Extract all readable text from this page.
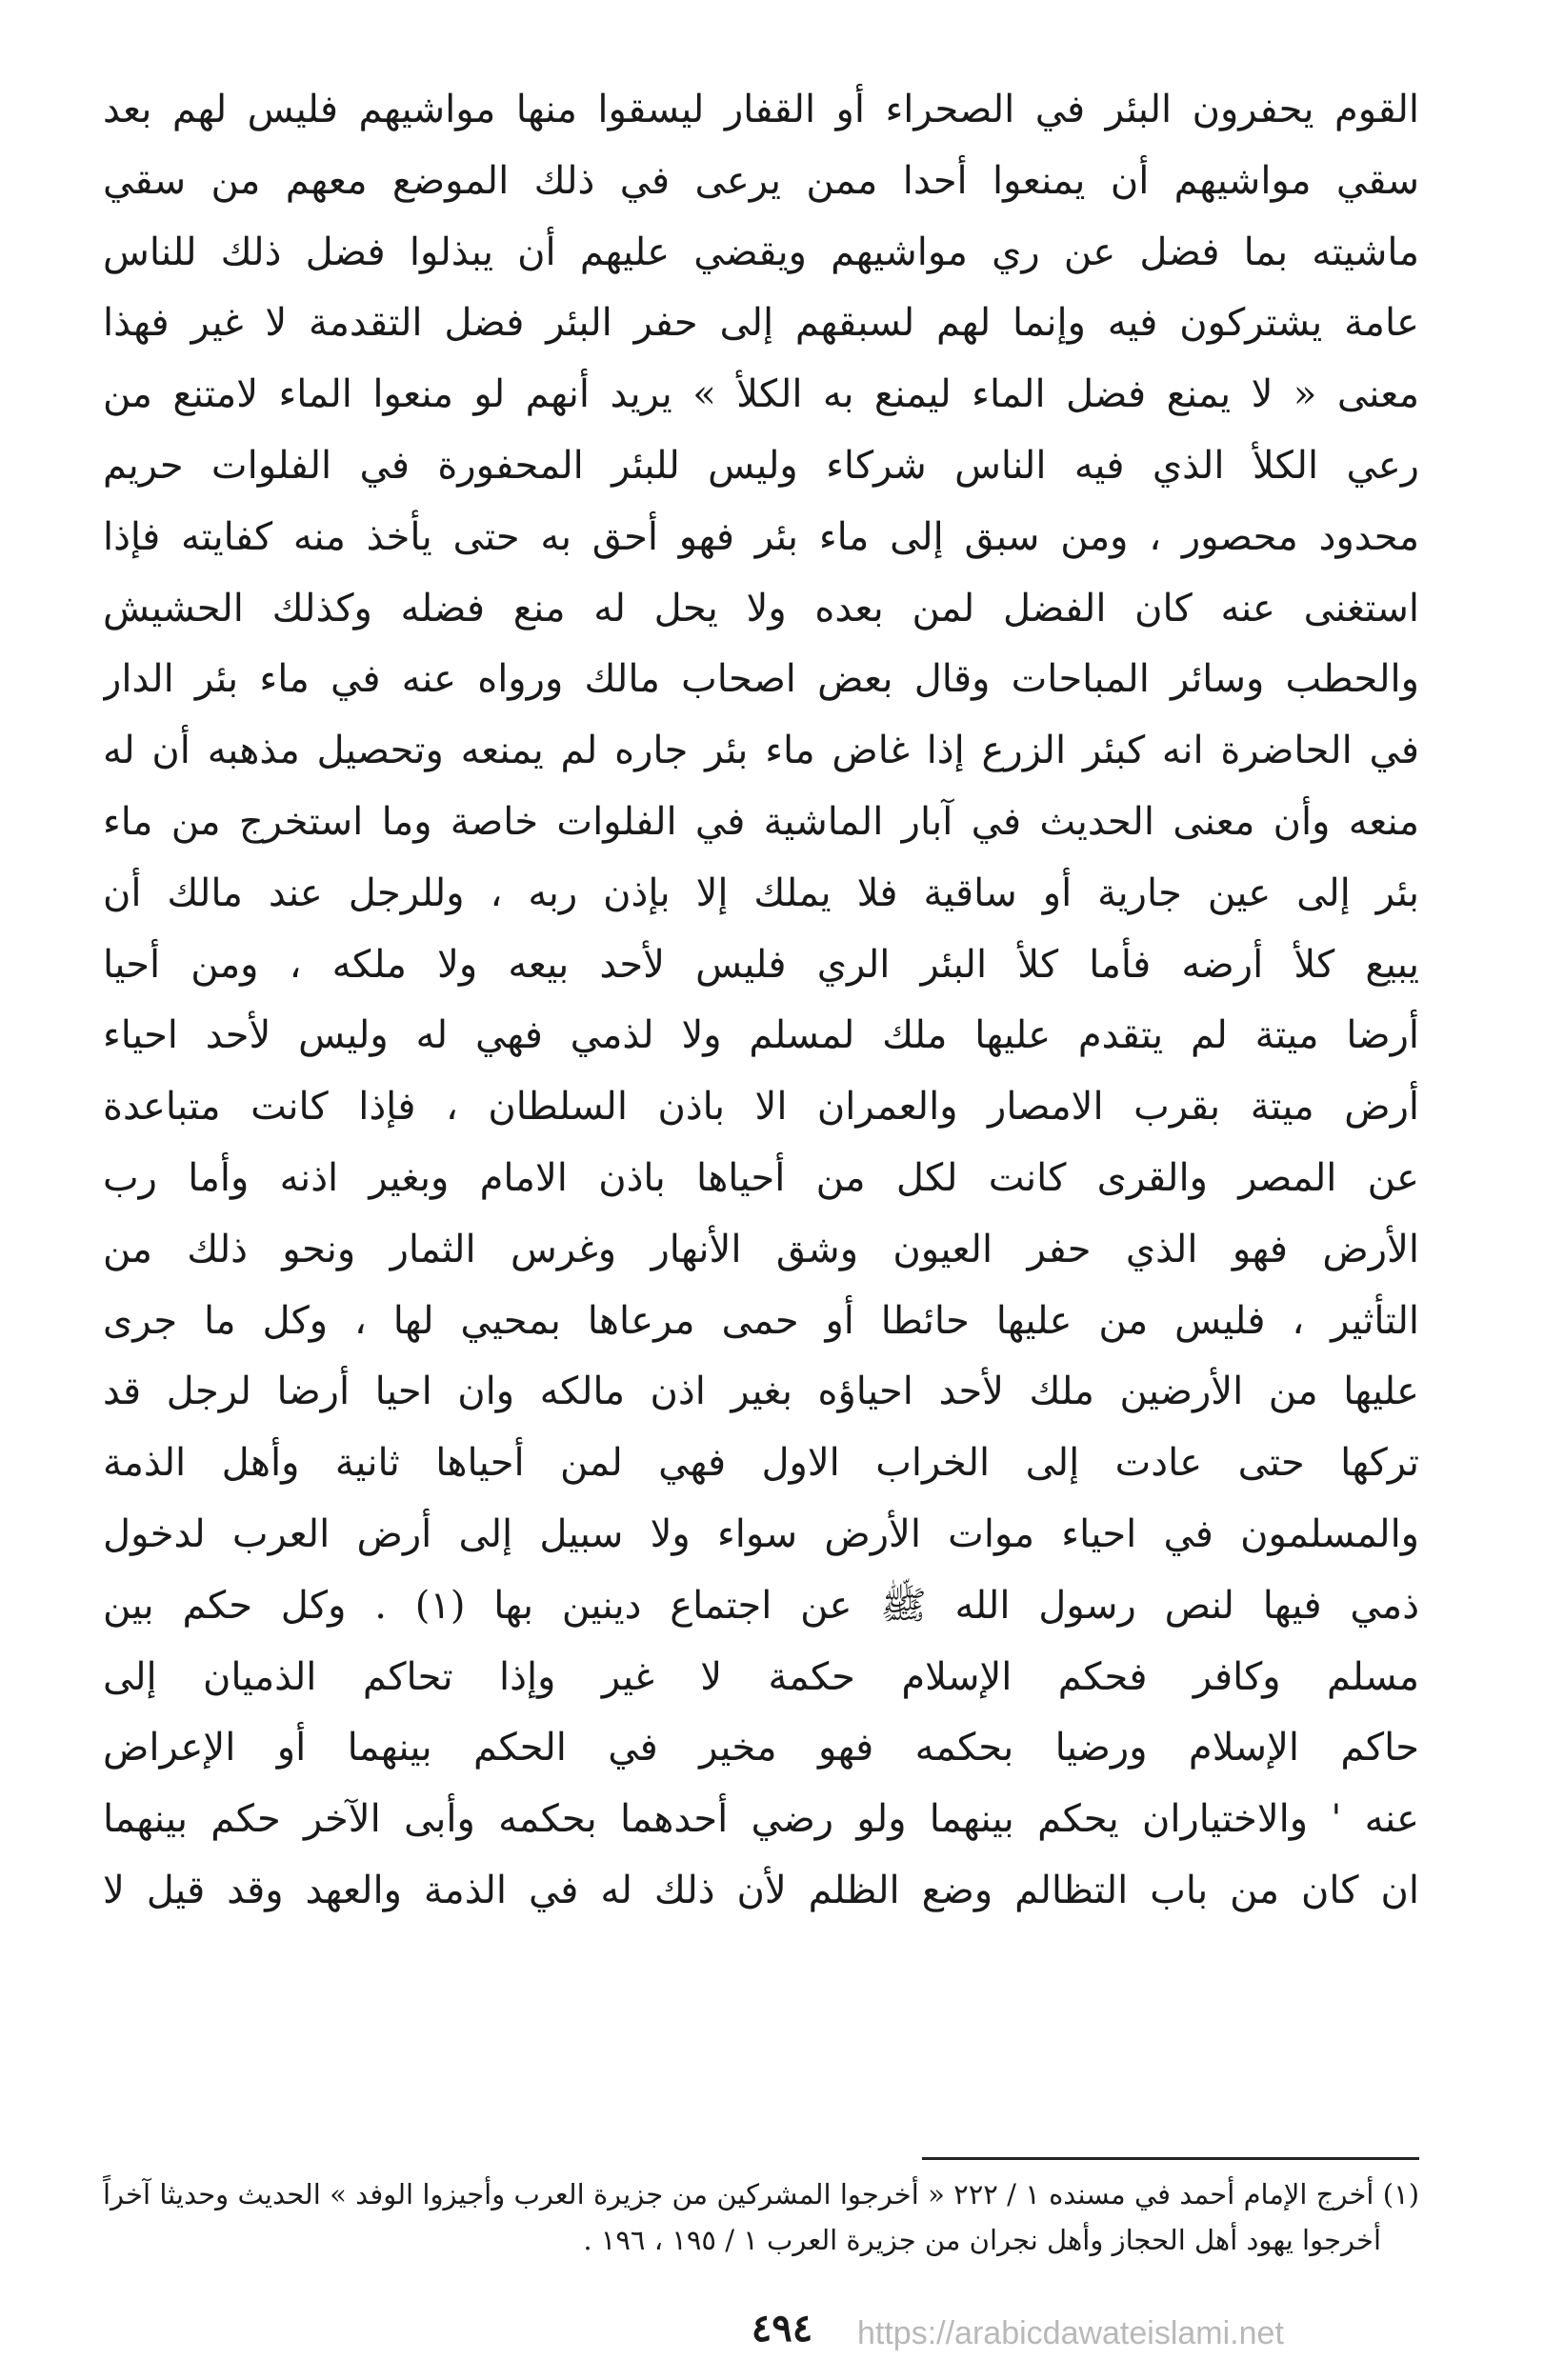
القوم يحفرون البئر في الصحراء أو القفار ليسقوا منها مواشيهم فليس لهم بعد
سقي مواشيهم أن يمنعوا أحدا ممن يرعى في ذلك الموضع معهم من سقي
ماشيته بما فضل عن ري مواشيهم ويقضي عليهم أن يبذلوا فضل ذلك للناس
عامة يشتركون فيه وإنما لهم لسبقهم إلى حفر البئر فضل التقدمة لا غير فهذا
معنى « لا يمنع فضل الماء ليمنع به الكلأ » يريد أنهم لو منعوا الماء لامتنع من
رعي الكلأ الذي فيه الناس شركاء وليس للبئر المحفورة في الفلوات حريم
محدود محصور ، ومن سبق إلى ماء بئر فهو أحق به حتى يأخذ منه كفايته فإذا
استغنى عنه كان الفضل لمن بعده ولا يحل له منع فضله وكذلك الحشيش
والحطب وسائر المباحات وقال بعض اصحاب مالك ورواه عنه في ماء بئر الدار
في الحاضرة انه كبئر الزرع إذا غاض ماء بئر جاره لم يمنعه وتحصيل مذهبه أن له
منعه وأن معنى الحديث في آبار الماشية في الفلوات خاصة وما استخرج من ماء
بئر إلى عين جارية أو ساقية فلا يملك إلا بإذن ربه ، وللرجل عند مالك أن
يبيع كلأ أرضه فأما كلأ البئر الري فليس لأحد بيعه ولا ملكه ، ومن أحيا
أرضا ميتة لم يتقدم عليها ملك لمسلم ولا لذمي فهي له وليس لأحد احياء
أرض ميتة بقرب الامصار والعمران الا باذن السلطان ، فإذا كانت متباعدة
عن المصر والقرى كانت لكل من أحياها باذن الامام وبغير اذنه وأما رب
الأرض فهو الذي حفر العيون وشق الأنهار وغرس الثمار ونحو ذلك من
التأثير ، فليس من عليها حائطا أو حمى مرعاها بمحيي لها ، وكل ما جرى
عليها من الأرضين ملك لأحد احياؤه بغير اذن مالكه وان احيا أرضا لرجل قد
تركها حتى عادت إلى الخراب الاول فهي لمن أحياها ثانية وأهل الذمة
والمسلمون في احياء موات الأرض سواء ولا سبيل إلى أرض العرب لدخول
ذمي فيها لنص رسول الله ﷺ عن اجتماع دينين بها (١) . وكل حكم بين
مسلم وكافر فحكم الإسلام حكمة لا غير وإذا تحاكم الذميان إلى
حاكم الإسلام ورضيا بحكمه فهو مخير في الحكم بينهما أو الإعراض
عنه ' والاختياران يحكم بينهما ولو رضي أحدهما بحكمه وأبى الآخر حكم بينهما
ان كان من باب التظالم وضع الظلم لأن ذلك له في الذمة والعهد وقد قيل لا
(١) أخرج الإمام أحمد في مسنده ١ / ٢٢٢ « أخرجوا المشركين من جزيرة العرب وأجيزوا الوفد » الحديث وحديثا آخراً
أخرجوا يهود أهل الحجاز وأهل نجران من جزيرة العرب ١ / ١٩٥ ، ١٩٦ .
٤٩٤	https://arabicdawateislami.net
